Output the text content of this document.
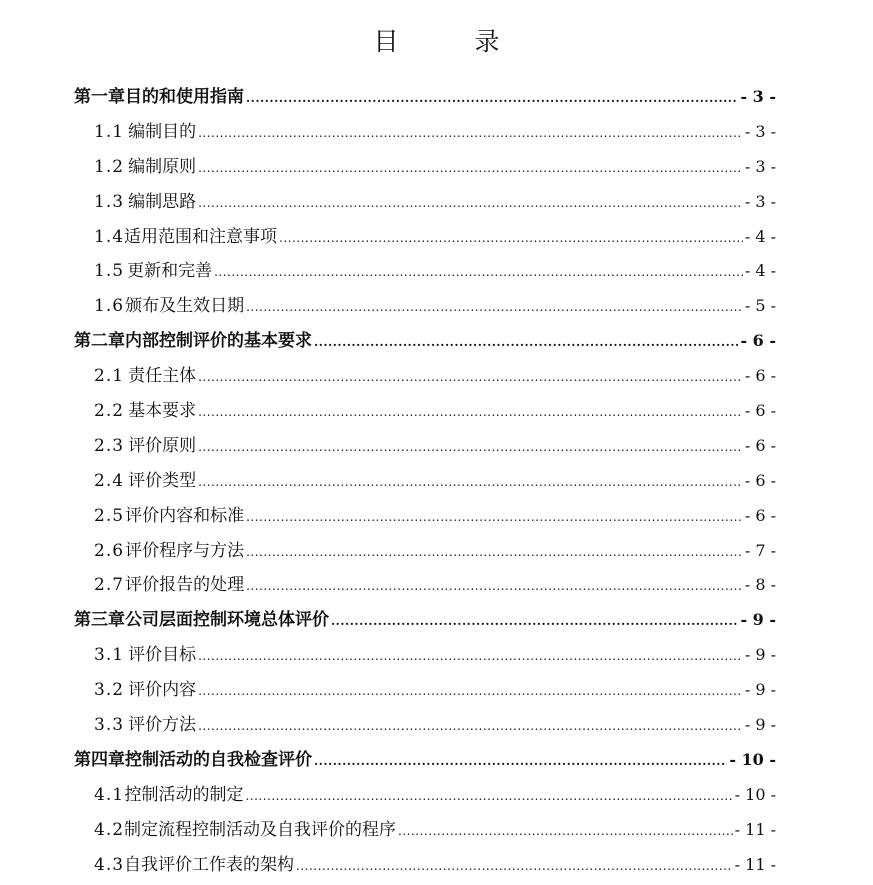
目 录
第一章 目的和使用指南 .....	- 3 -
1.1 编制目的 .....	- 3 -
1.2 编制原则 .....	- 3 -
1.3 编制思路 .....	- 3 -
1.4 适用范围和注意事项 .....	- 4 -
1.5 更新和完善 .....	- 4 -
1.6 颁布及生效日期 .....	- 5 -
第二章 内部控制评价的基本要求 .....	- 6 -
2.1 责任主体 .....	- 6 -
2.2 基本要求 .....	- 6 -
2.3 评价原则 .....	- 6 -
2.4 评价类型 .....	- 6 -
2.5 评价内容和标准 .....	- 6 -
2.6 评价程序与方法 .....	- 7 -
2.7 评价报告的处理 .....	- 8 -
第三章 公司层面控制环境总体评价 .....	- 9 -
3.1 评价目标 .....	- 9 -
3.2 评价内容 .....	- 9 -
3.3 评价方法 .....	- 9 -
第四章 控制活动的自我检查评价 .....	- 10 -
4.1 控制活动的制定 .....	- 10 -
4.2 制定流程控制活动及自我评价的程序 .....	- 11 -
4.3 自我评价工作表的架构 .....	- 11 -
